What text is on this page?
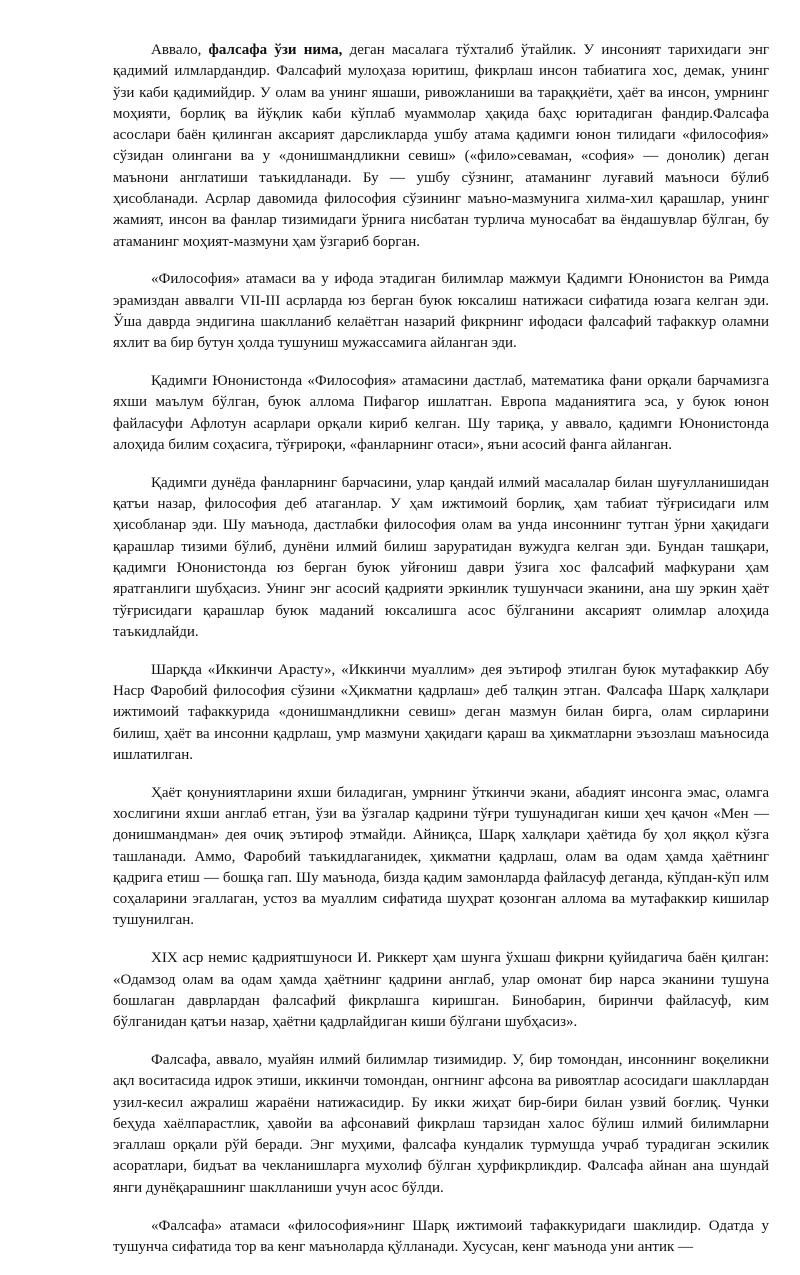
Аввало, фалсафа ўзи нима, деган масалага тўхталиб ўтайлик. У инсоният тарихидаги энг қадимий илмлардандир. Фалсафий мулоҳаза юритиш, фикрлаш инсон табиатига хос, демак, унинг ўзи каби қадимийдир. У олам ва унинг яшаши, ривожланиши ва тараққиёти, ҳаёт ва инсон, умрнинг моҳияти, борлиқ ва йўқлик каби кўплаб муаммолар ҳақида баҳс юритадиган фандир.Фалсафа асослари баён қилинган аксарият дарсликларда ушбу атама қадимги юнон тилидаги «философия» сўзидан олингани ва у «донишмандликни севиш» («фило»севаман, «софия» — донолик) деган маънони англатиши таъкидланади. Бу — ушбу сўзнинг, атаманинг луғавий маъноси бўлиб ҳисобланади. Асрлар давомида философия сўзининг маъно-мазмунига хилма-хил қарашлар, унинг жамият, инсон ва фанлар тизимидаги ўрнига нисбатан турлича муносабат ва ёндашувлар бўлган, бу атаманинг моҳият-мазмуни ҳам ўзгариб борган.

«Философия» атамаси ва у ифода этадиган билимлар мажмуи Қадимги Юнонистон ва Римда эрамиздан аввалги VII-III асрларда юз берган буюк юксалиш натижаси сифатида юзага келган эди. Ўша даврда эндигина шаклланиб келаётган назарий фикрнинг ифодаси фалсафий тафаккур оламни яхлит ва бир бутун ҳолда тушуниш мужассамига айланган эди.

Қадимги Юнонистонда «Философия» атамасини дастлаб, математика фани орқали барчамизга яхши маълум бўлган, буюк аллома Пифагор ишлатган. Европа маданиятига эса, у буюк юнон файласуфи Афлотун асарлари орқали кириб келган. Шу тариқа, у аввало, қадимги Юнонистонда алоҳида билим соҳасига, тўғрироқи, «фанларнинг отаси», яъни асосий фанга айланган.

Қадимги дунёда фанларнинг барчасини, улар қандай илмий масалалар билан шуғулланишидан қатъи назар, философия деб атаганлар. У ҳам ижтимоий борлиқ, ҳам табиат тўғрисидаги илм ҳисобланар эди. Шу маънода, дастлабки философия олам ва унда инсоннинг тутган ўрни ҳақидаги қарашлар тизими бўлиб, дунёни илмий билиш заруратидан вужудга келган эди. Бундан ташқари, қадимги Юнонистонда юз берган буюк уйғониш даври ўзига хос фалсафий мафкурани ҳам яратганлиги шубҳасиз. Унинг энг асосий қадрияти эркинлик тушунчаси эканини, ана шу эркин ҳаёт тўғрисидаги қарашлар буюк маданий юксалишга асос бўлганини аксарият олимлар алоҳида таъкидлайди.

Шарқда «Иккинчи Арасту», «Иккинчи муаллим» дея эътироф этилган буюк мутафаккир Абу Наср Фаробий философия сўзини «Ҳикматни қадрлаш» деб талқин этган. Фалсафа Шарқ халқлари ижтимоий тафаккурида «донишмандликни севиш» деган мазмун билан бирга, олам сирларини билиш, ҳаёт ва инсонни қадрлаш, умр мазмуни ҳақидаги қараш ва ҳикматларни эъзозлаш маъносида ишлатилган.

Ҳаёт қонуниятларини яхши биладиган, умрнинг ўткинчи экани, абадият инсонга эмас, оламга хослигини яхши англаб етган, ўзи ва ўзгалар қадрини тўғри тушунадиган киши ҳеч қачон «Мен — донишмандман» дея очиқ эътироф этмайди. Айниқса, Шарқ халқлари ҳаётида бу ҳол яққол кўзга ташланади. Аммо, Фаробий таъкидлаганидек, ҳикматни қадрлаш, олам ва одам ҳамда ҳаётнинг қадрига етиш — бошқа гап. Шу маънода, бизда қадим замонларда файласуф деганда, кўпдан-кўп илм соҳаларини эгаллаган, устоз ва муаллим сифатида шуҳрат қозонган аллома ва мутафаккир кишилар тушунилган.

XIX аср немис қадриятшуноси И. Риккерт ҳам шунга ўхшаш фикрни қуйидагича баён қилган: «Одамзод олам ва одам ҳамда ҳаётнинг қадрини англаб, улар омонат бир нарса эканини тушуна бошлаган даврлардан фалсафий фикрлашга киришган. Бинобарин, биринчи файласуф, ким бўлганидан қатъи назар, ҳаётни қадрлайдиган киши бўлгани шубҳасиз».

Фалсафа, аввало, муайян илмий билимлар тизимидир. У, бир томондан, инсоннинг воқеликни ақл воситасида идрок этиши, иккинчи томондан, онгнинг афсона ва ривоятлар асосидаги шакллардан узил-кесил ажралиш жараёни натижасидир. Бу икки жиҳат бир-бири билан узвий боғлиқ. Чунки беҳуда хаёлпарастлик, ҳавойи ва афсонавий фикрлаш тарзидан халос бўлиш илмий билимларни эгаллаш орқали рўй беради. Энг муҳими, фалсафа кундалик турмушда учраб турадиган эскилик асоратлари, бидъат ва чекланишларга мухолиф бўлган ҳурфикрликдир. Фалсафа айнан ана шундай янги дунёқарашнинг шаклланиши учун асос бўлди.

«Фалсафа» атамаси «философия»нинг Шарқ ижтимоий тафаккуридаги шаклидир. Одатда у тушунча сифатида тор ва кенг маъноларда қўлланади. Хусусан, кенг маънода уни антик —
